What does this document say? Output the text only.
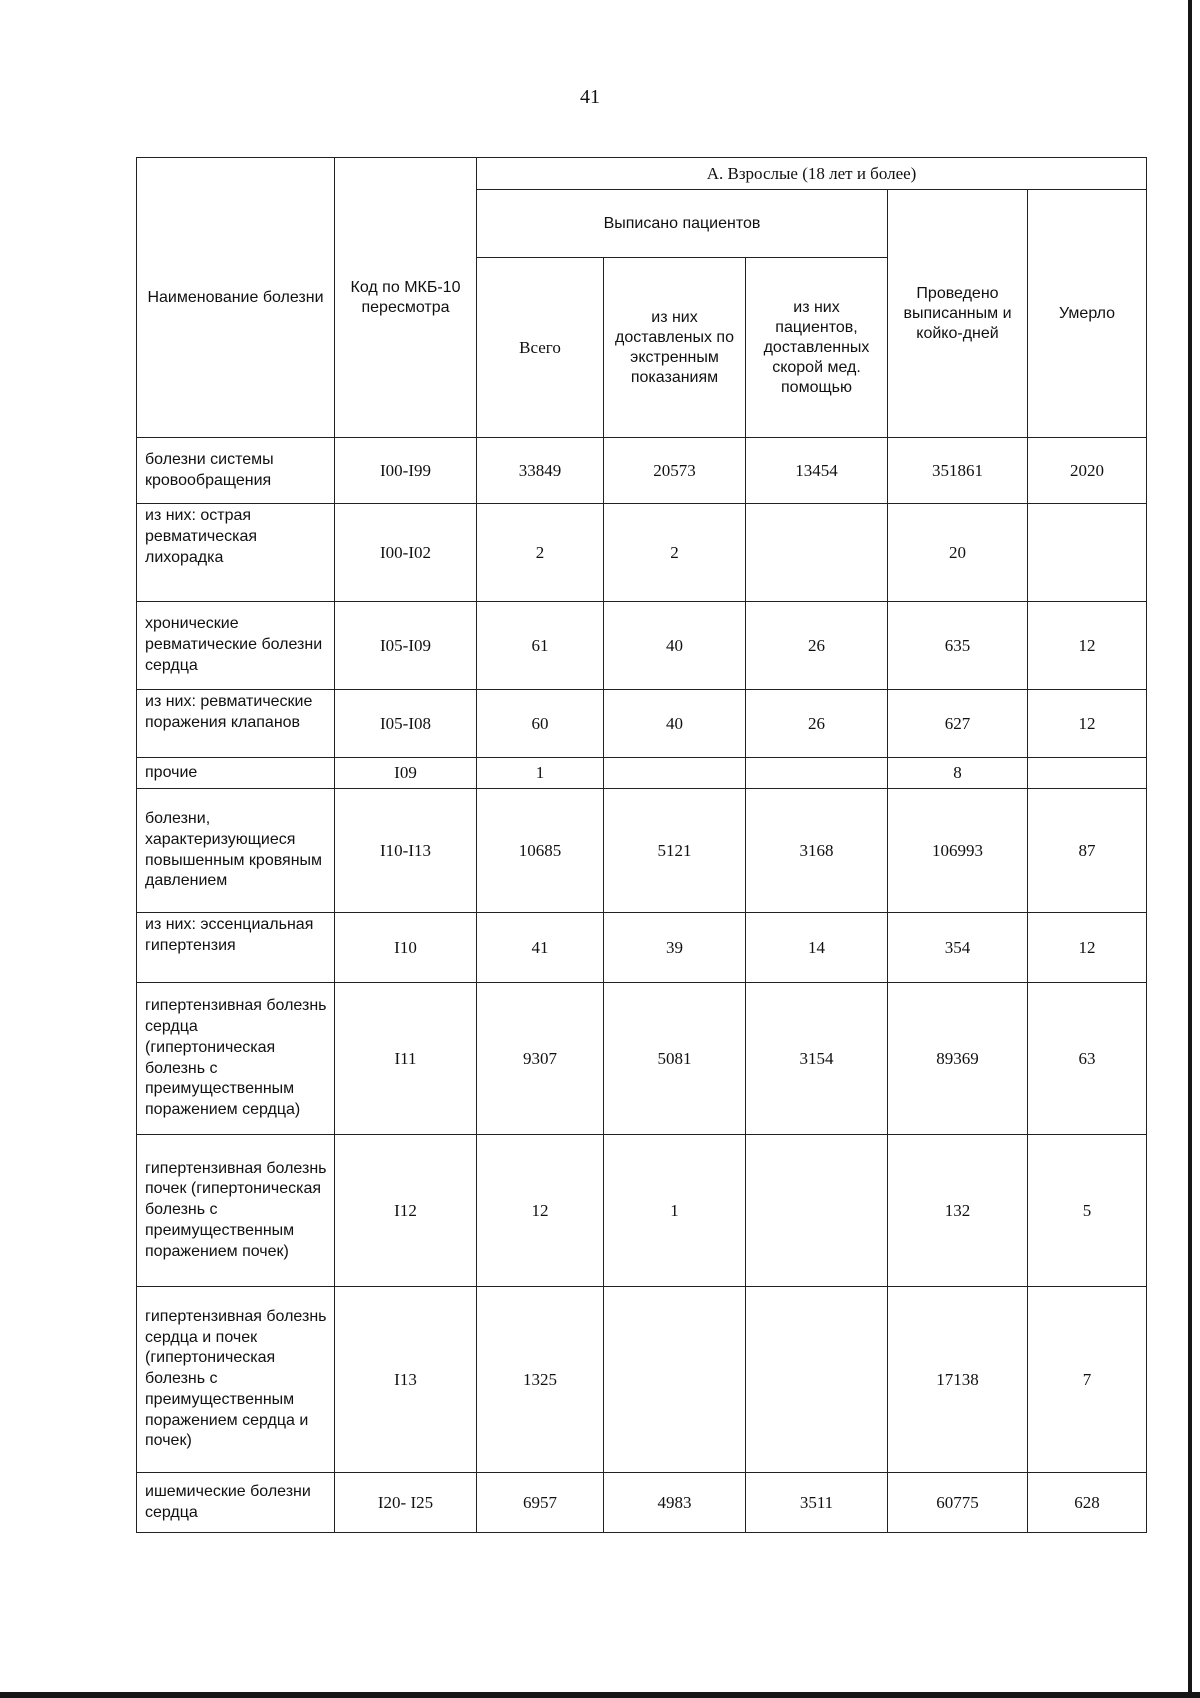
41
Наименование болезни	Код по МКБ-10 пересмотра	А. Взрослые (18 лет и более)				
		Выписано пациентов			Проведено выписанным и койко-дней	Умерло
		Всего	из них доставленых по экстренным показаниям	из них пациентов, доставленных скорой мед. помощью		
болезни системы кровообращения	I00-I99	33849	20573	13454	351861	2020
из них: острая ревматическая лихорадка	I00-I02	2	2		20	
хронические ревматические болезни сердца	I05-I09	61	40	26	635	12
из них: ревматические поражения клапанов	I05-I08	60	40	26	627	12
прочие	I09	1			8	
болезни, характеризующиеся повышенным кровяным давлением	I10-I13	10685	5121	3168	106993	87
из них: эссенциальная гипертензия	I10	41	39	14	354	12
гипертензивная болезнь сердца (гипертоническая болезнь с преимущественным поражением сердца)	I11	9307	5081	3154	89369	63
гипертензивная болезнь почек (гипертоническая болезнь с преимущественным поражением почек)	I12	12	1		132	5
гипертензивная болезнь сердца и почек (гипертоническая болезнь с преимущественным поражением сердца и почек)	I13	1325			17138	7
ишемические болезни сердца	I20- I25	6957	4983	3511	60775	628
